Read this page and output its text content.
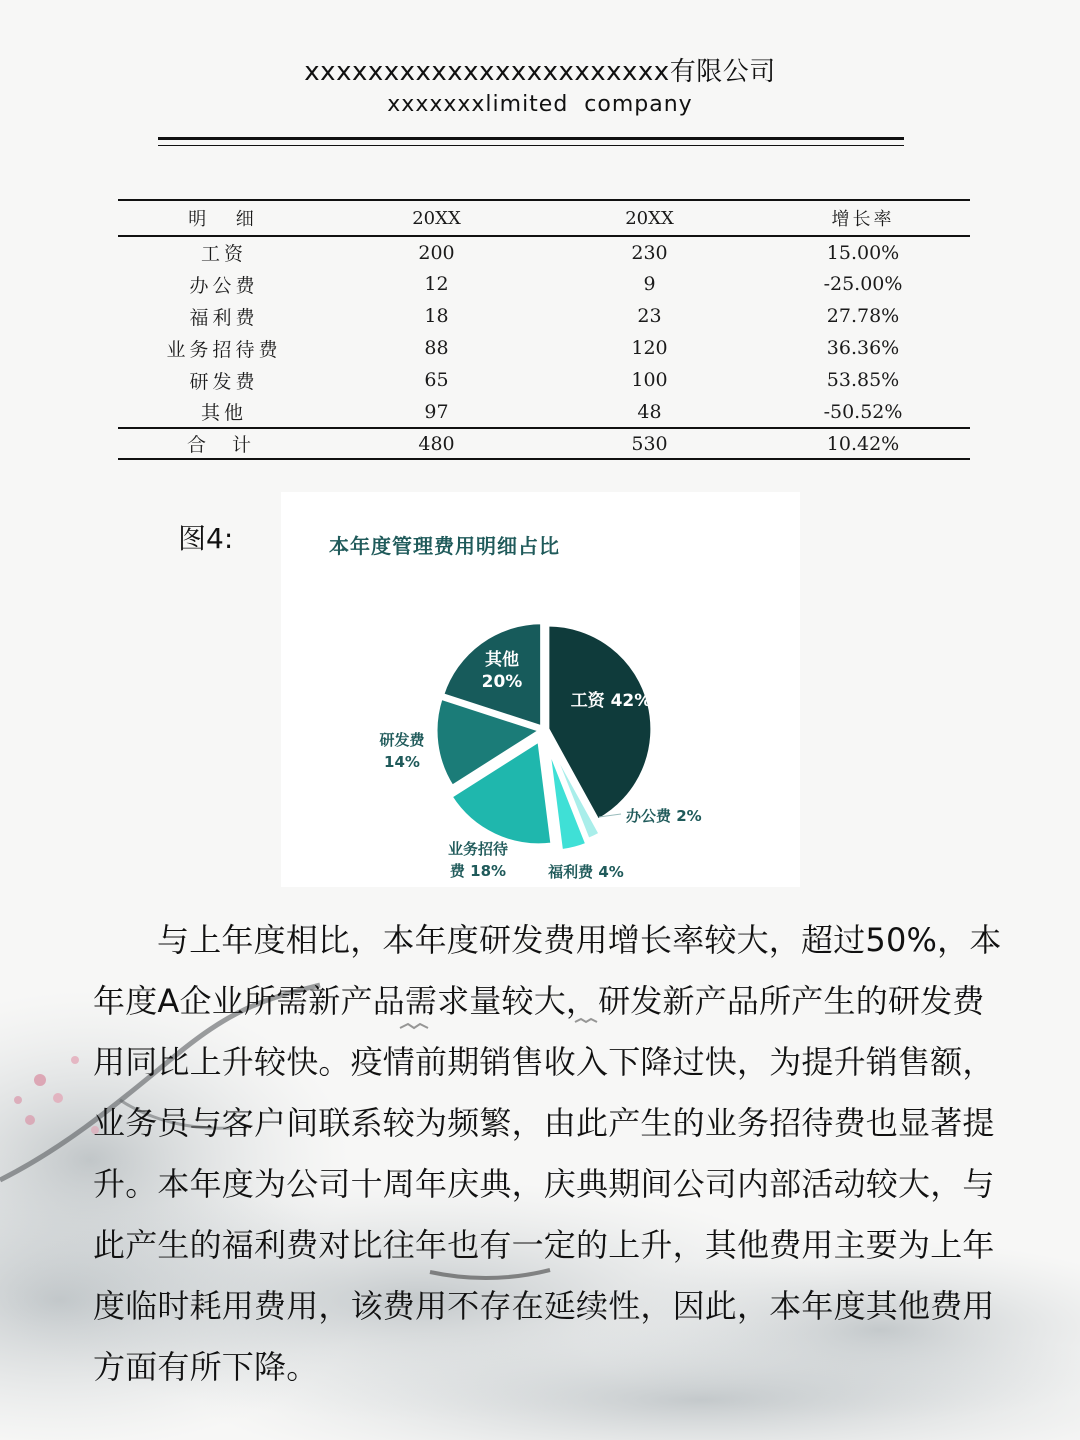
xxxxxxxxxxxxxxxxxxxxxxx有限公司
xxxxxxxlimited  company
明  细	20XX	20XX	增长率
工资	200	230	15.00%
办公费	12	9	-25.00%
福利费	18	23	27.78%
业务招待费	88	120	36.36%
研发费	65	100	53.85%
其他	97	48	-50.52%
合 计	480	530	10.42%
图4:	本年度管理费用明细占比
工资 42%
办公费 2%
福利费 4%
业务招待费 18%
研发费 14%
其他 20%
与上年度相比，本年度研发费用增长率较大，超过50%，本年度A企业所需新产品需求量较大，研发新产品所产生的研发费用同比上升较快。疫情前期销售收入下降过快，为提升销售额，业务员与客户间联系较为频繁，由此产生的业务招待费也显著提升。本年度为公司十周年庆典，庆典期间公司内部活动较大，与此产生的福利费对比往年也有一定的上升，其他费用主要为上年度临时耗用费用，该费用不存在延续性，因此，本年度其他费用方面有所下降。
